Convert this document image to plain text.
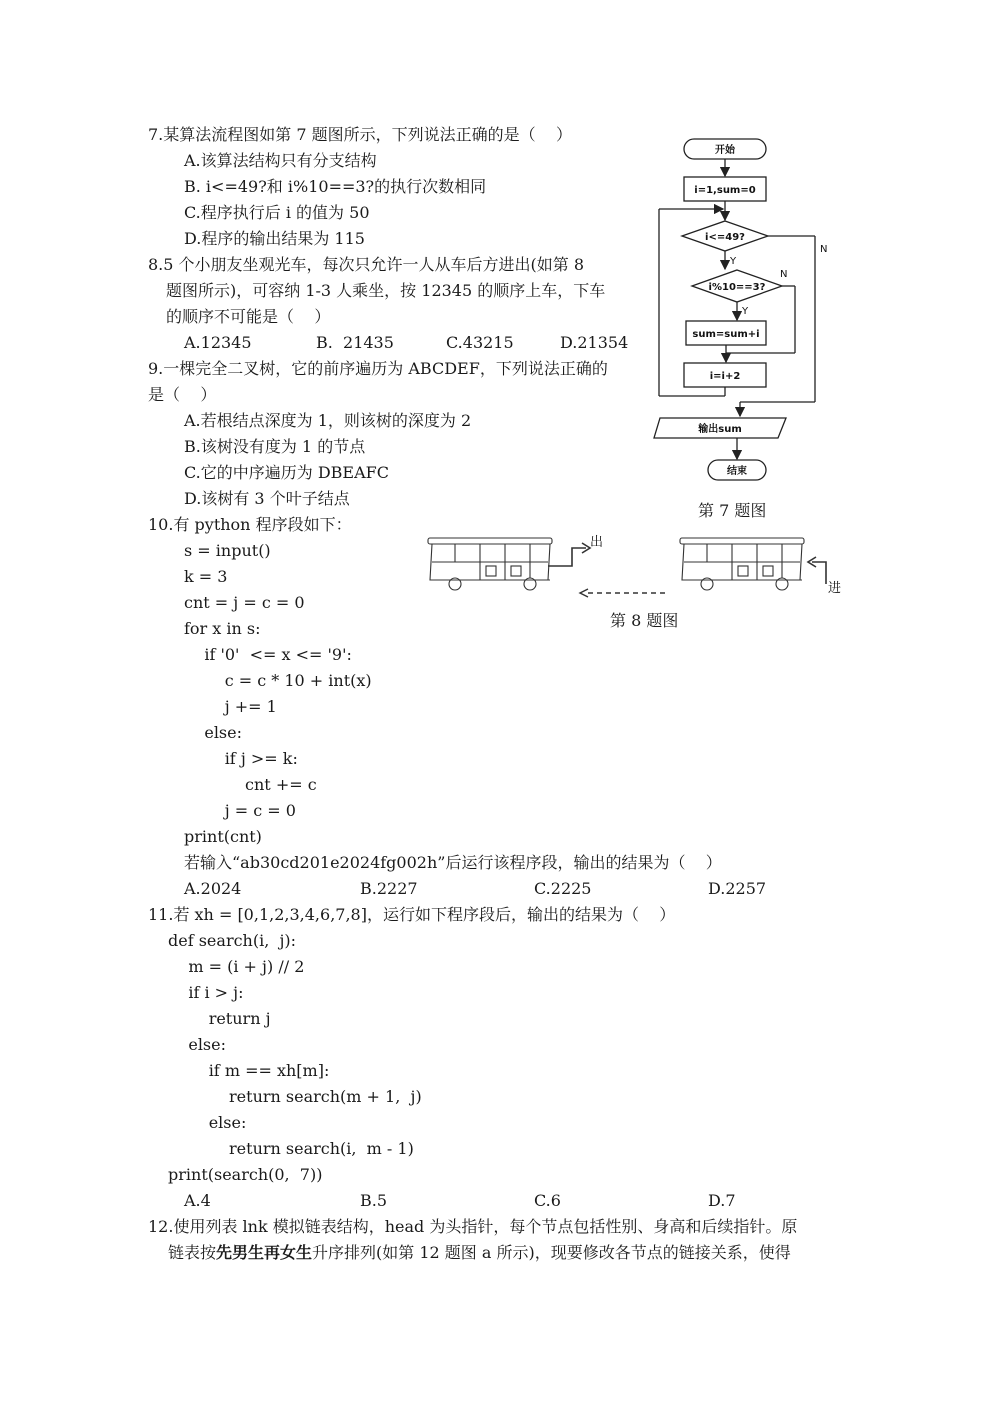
7.某算法流程图如第 7 题图所示，下列说法正确的是（    ）
A.该算法结构只有分支结构
B. i<=49?和 i%10==3?的执行次数相同
C.程序执行后 i 的值为 50
D.程序的输出结果为 115
8.5 个小朋友坐观光车，每次只允许一人从车后方进出(如第 8
题图所示)，可容纳 1-3 人乘坐，按 12345 的顺序上车，下车
的顺序不可能是（    ）
A.12345	B.  21435	C.43215	D.21354
9.一棵完全二叉树，它的前序遍历为 ABCDEF，下列说法正确的
是（    ）
A.若根结点深度为 1，则该树的深度为 2
B.该树没有度为 1 的节点
C.它的中序遍历为 DBEAFC
D.该树有 3 个叶子结点
10.有 python 程序段如下：
s = input()
k = 3
cnt = j = c = 0
for x in s:
if '0'  <= x <= '9':
c = c * 10 + int(x)
j += 1
else:
if j >= k:
cnt += c
j = c = 0
print(cnt)
若输入“ab30cd201e2024fg002h”后运行该程序段，输出的结果为（    ）
A.2024	B.2227	C.2225	D.2257
11.若 xh = [0,1,2,3,4,6,7,8]，运行如下程序段后，输出的结果为（    ）
def search(i,  j):
m = (i + j) // 2
if i > j:
return j
else:
if m == xh[m]:
return search(m + 1,  j)
else:
return search(i,  m - 1)
print(search(0,  7))
A.4	B.5	C.6	D.7
12.使用列表 lnk 模拟链表结构，head 为头指针，每个节点包括性别、身高和后续指针。原
链表按先男生再女生升序排列(如第 12 题图 a 所示)，现要修改各节点的链接关系，使得
开始
i=1,sum=0
i<=49?
i%10==3?
sum=sum+i
i=i+2
输出sum
结束
Y
Y
N
N
第 7 题图
出
进
第 8 题图
